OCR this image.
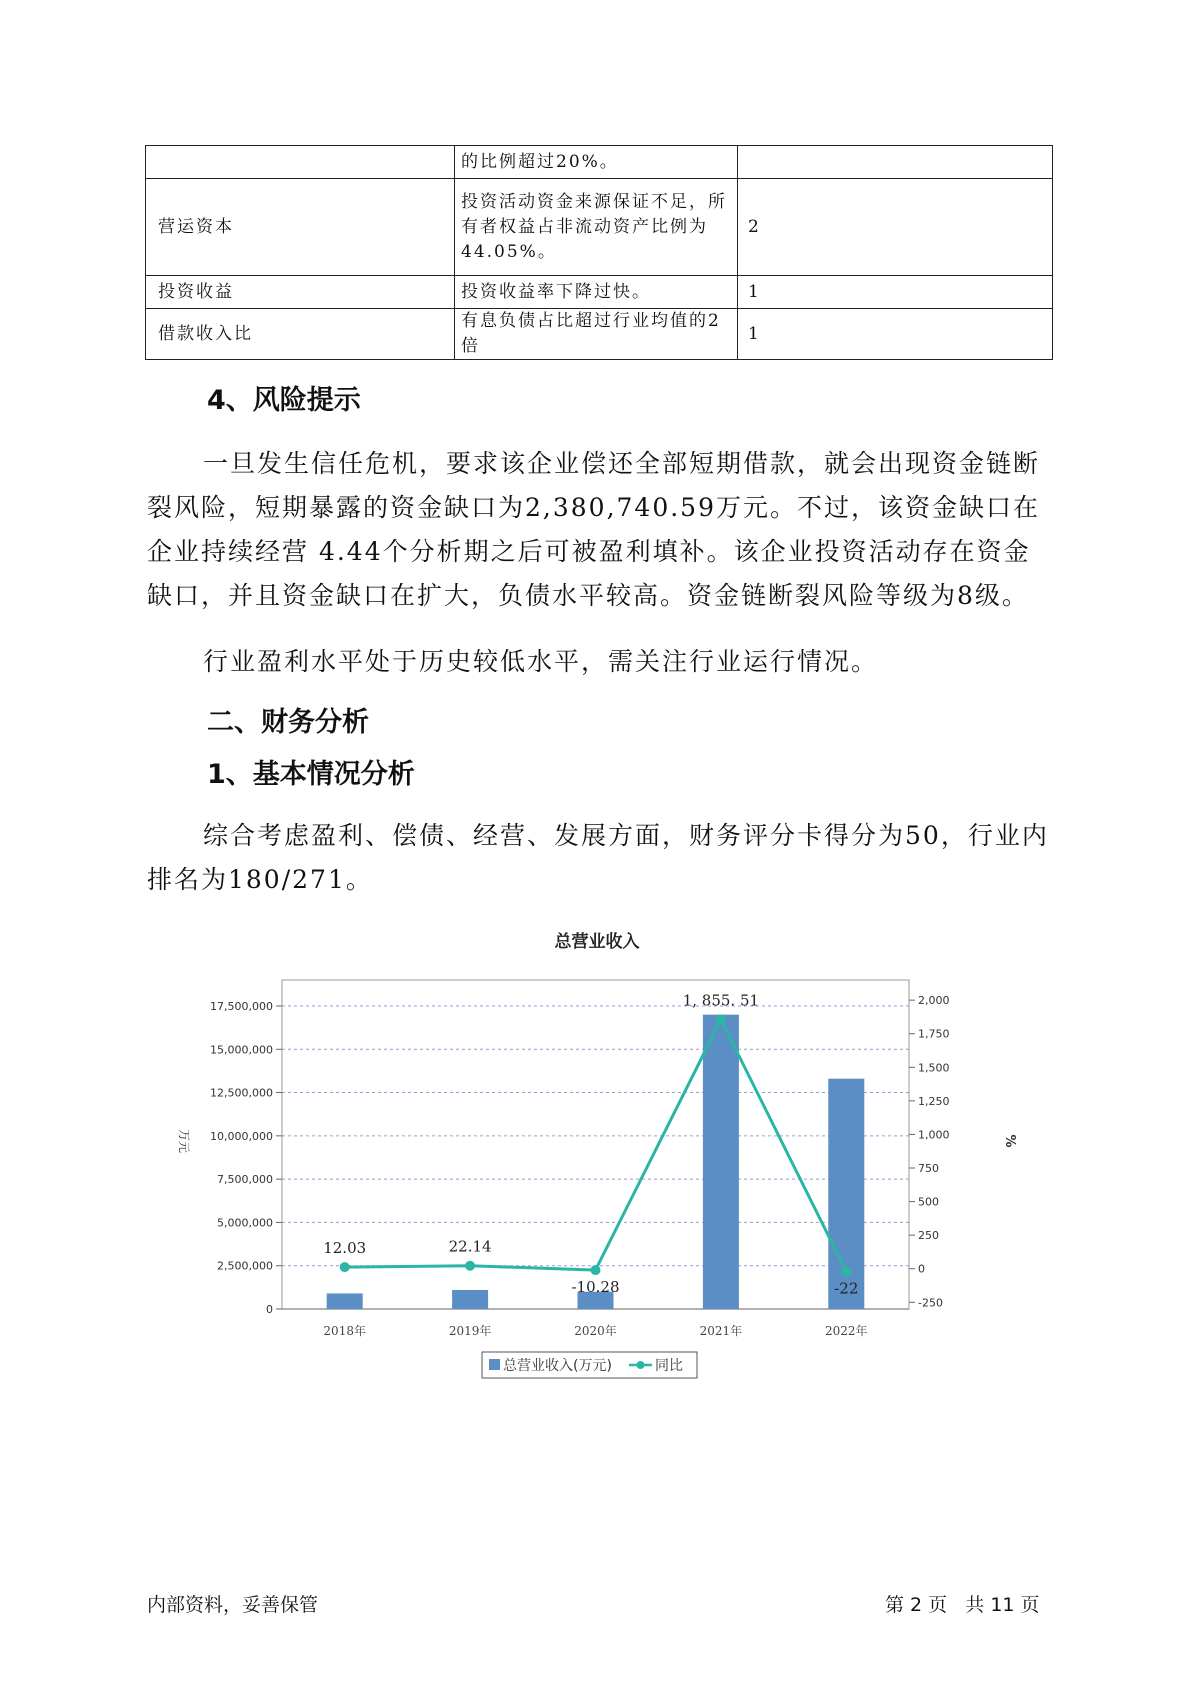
	的比例超过20%。	
营运资本	投资活动资金来源保证不足，所有者权益占非流动资产比例为44.05%。	2
投资收益	投资收益率下降过快。	1
借款收入比	有息负债占比超过行业均值的2倍	1
4、风险提示

一旦发生信任危机，要求该企业偿还全部短期借款，就会出现资金链断裂风险，短期暴露的资金缺口为2,380,740.59万元。不过，该资金缺口在企业持续经营 4.44个分析期之后可被盈利填补。该企业投资活动存在资金缺口，并且资金缺口在扩大，负债水平较高。资金链断裂风险等级为8级。

行业盈利水平处于历史较低水平，需关注行业运行情况。

二、财务分析
1、基本情况分析

综合考虑盈利、偿债、经营、发展方面，财务评分卡得分为50，行业内排名为180/271。

总营业收入
0
2,500,000
5,000,000
7,500,000
10,000,000
12,500,000
15,000,000
17,500,000
-250
0
250
500
750
1,000
1,250
1,500
1,750
2,000
2018年	2019年	2020年	2021年	2022年
12.03	22.14
-10.28
1, 855. 51
-22
万元	%
总营业收入(万元)	同比
内部资料，妥善保管	第 2 页   共 11 页
